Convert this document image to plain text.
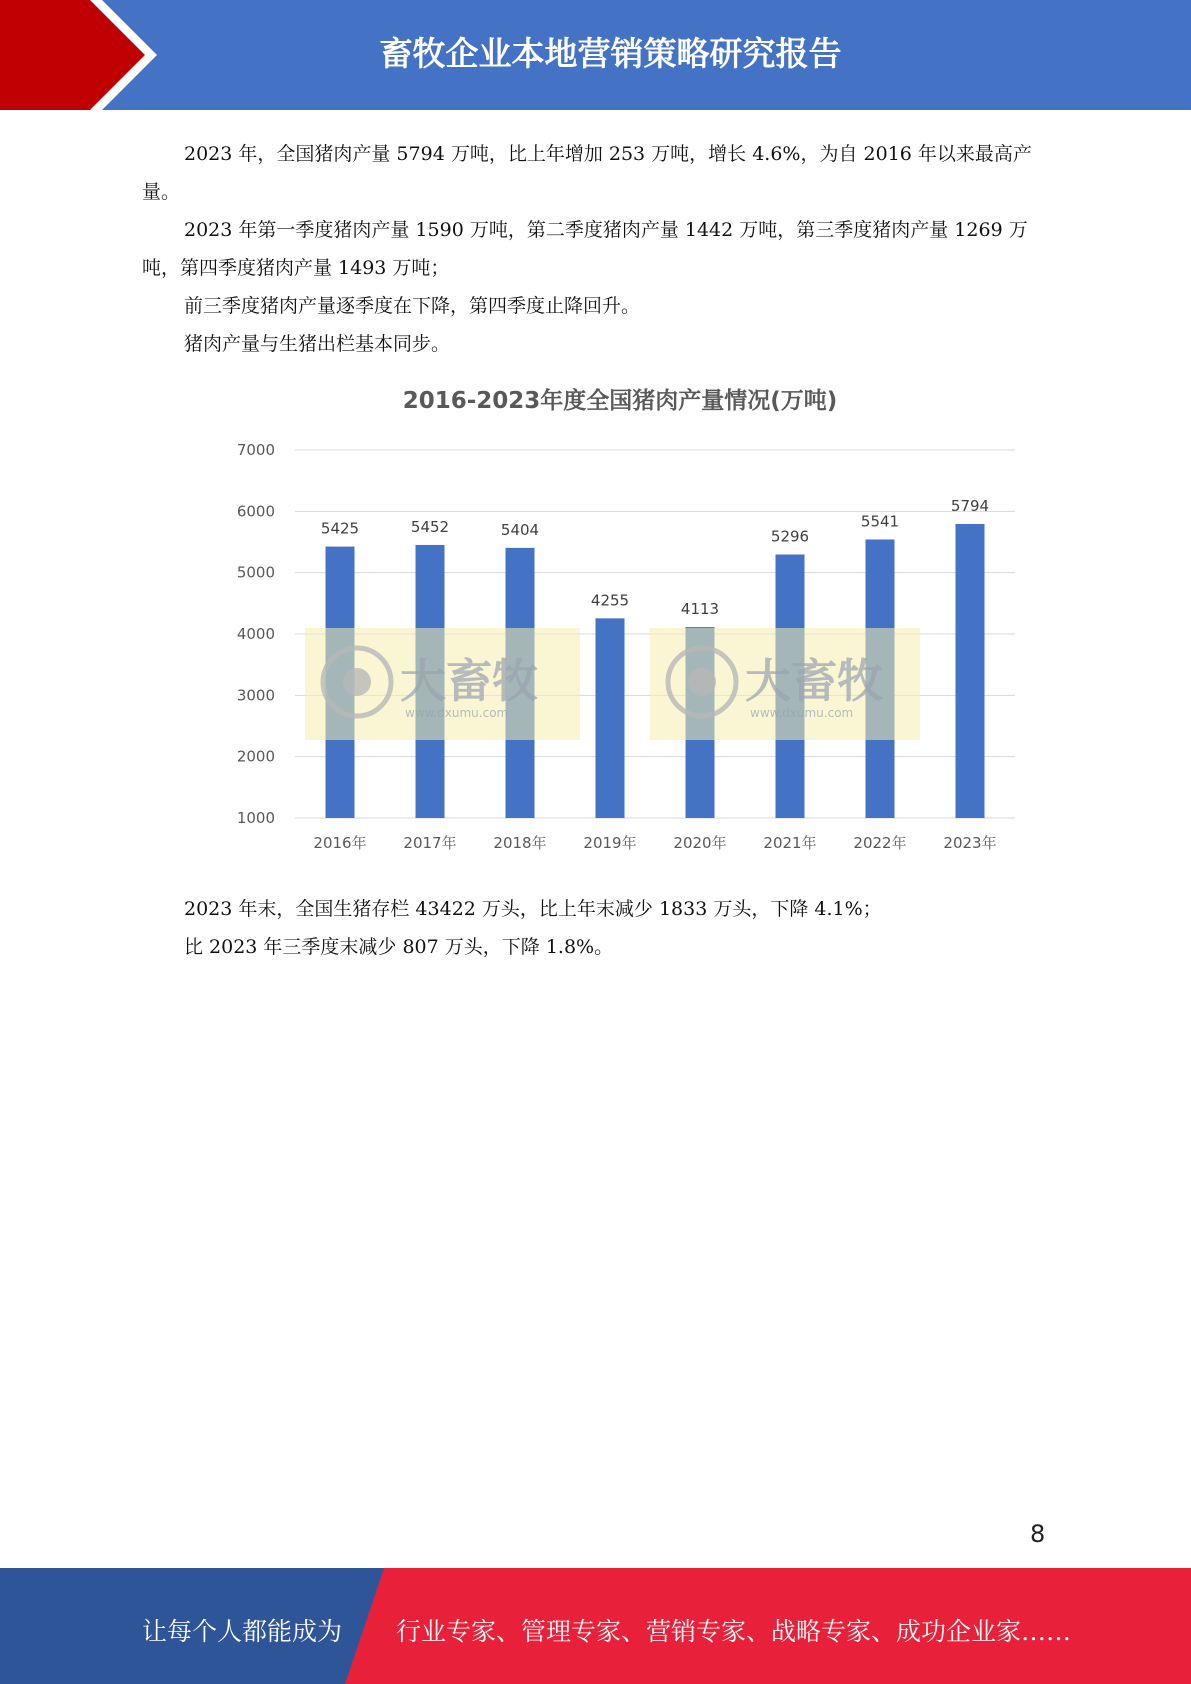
畜牧企业本地营销策略研究报告

2023 年，全国猪肉产量 5794 万吨，比上年增加 253 万吨，增长 4.6%，为自 2016 年以来最高产量。

2023 年第一季度猪肉产量 1590 万吨，第二季度猪肉产量 1442 万吨，第三季度猪肉产量 1269 万吨，第四季度猪肉产量 1493 万吨；

前三季度猪肉产量逐季度在下降，第四季度止降回升。

猪肉产量与生猪出栏基本同步。

2016-2023年度全国猪肉产量情况(万吨)
1000
2000
3000
4000
5000
6000
7000
5425
2016年
5452
2017年
5404
2018年
4255
2019年
4113
2020年
5296
2021年
5541
2022年
5794
2023年
大畜牧
www.dxumu.com
大畜牧
www.dxumu.com

2023 年末，全国生猪存栏 43422 万头，比上年末减少 1833 万头，下降 4.1%；

比 2023 年三季度末减少 807 万头，下降 1.8%。

8
让每个人都能成为 行业专家、管理专家、营销专家、战略专家、成功企业家……
